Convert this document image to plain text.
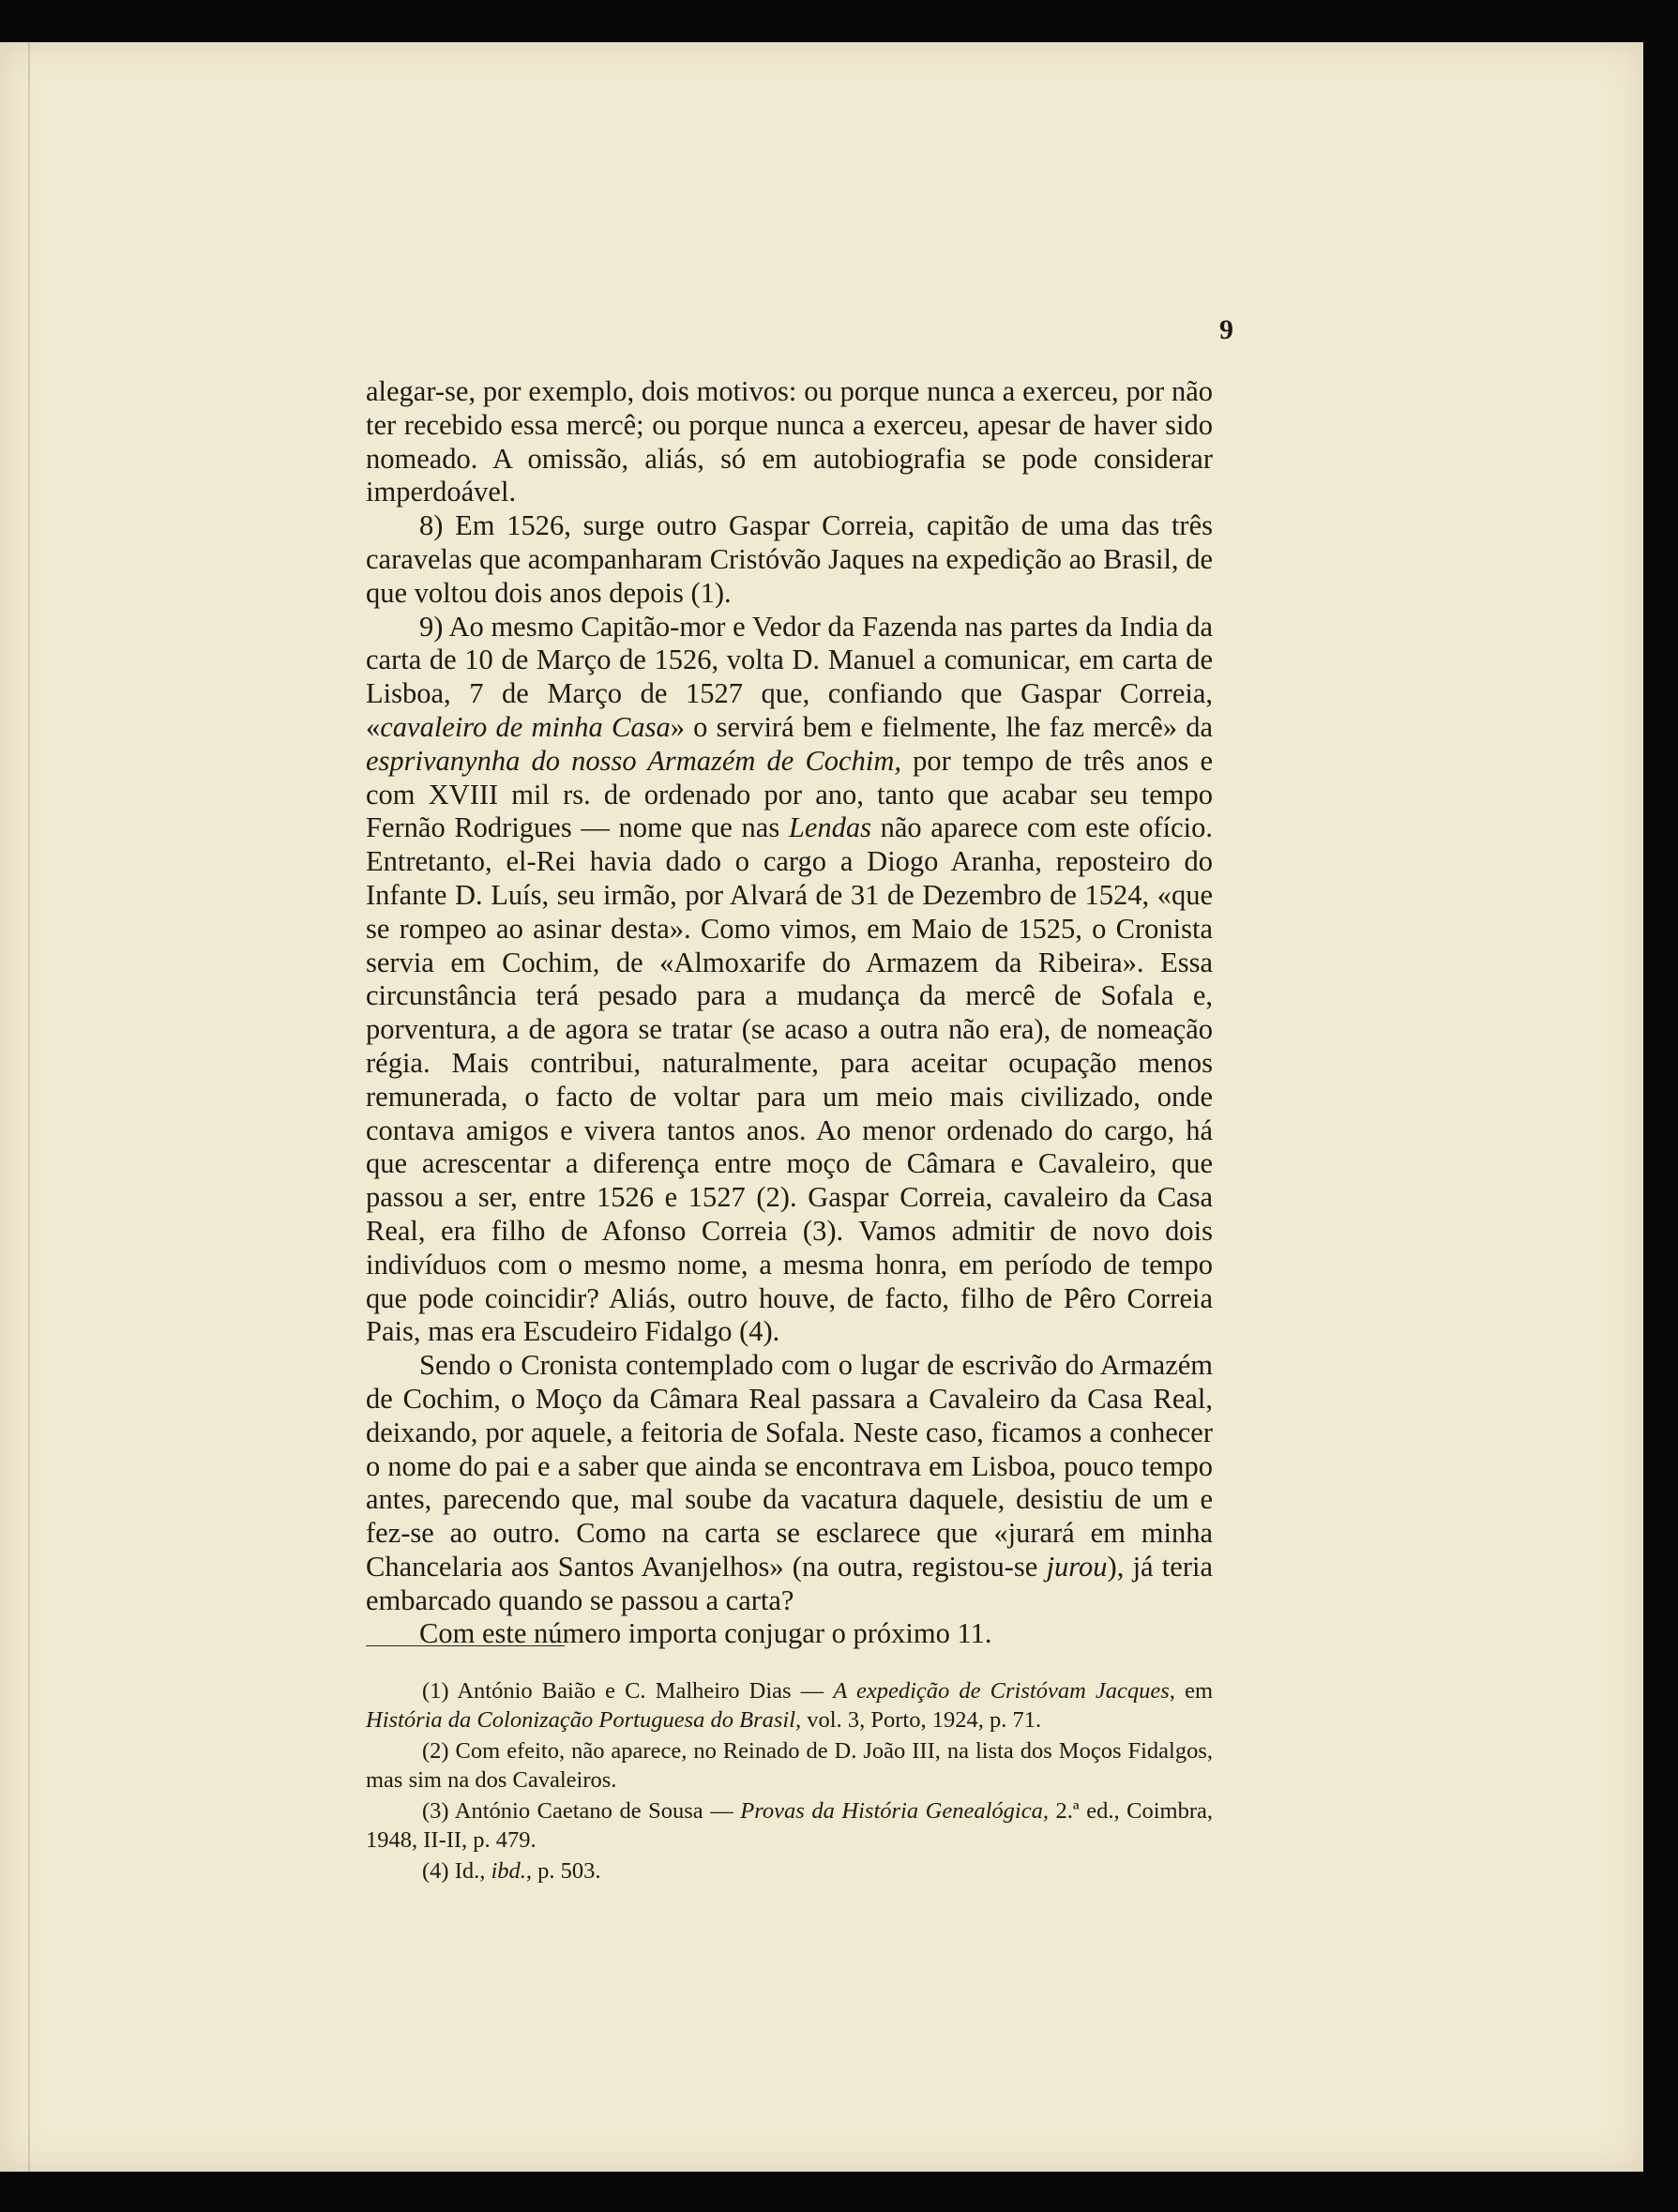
9

alegar-se, por exemplo, dois motivos: ou porque nunca a exerceu, por não ter recebido essa mercê; ou porque nunca a exerceu, apesar de haver sido nomeado. A omissão, aliás, só em autobiografia se pode considerar imperdoável.

8) Em 1526, surge outro Gaspar Correia, capitão de uma das três caravelas que acompanharam Cristóvão Jaques na expedição ao Brasil, de que voltou dois anos depois (1).

9) Ao mesmo Capitão-mor e Vedor da Fazenda nas partes da India da carta de 10 de Março de 1526, volta D. Manuel a comunicar, em carta de Lisboa, 7 de Março de 1527 que, confiando que Gaspar Correia, «cavaleiro de minha Casa» o servirá bem e fielmente, lhe faz mercê» da esprivanynha do nosso Armazém de Cochim, por tempo de três anos e com XVIII mil rs. de ordenado por ano, tanto que acabar seu tempo Fernão Rodrigues — nome que nas Lendas não aparece com este ofício. Entretanto, el-Rei havia dado o cargo a Diogo Aranha, reposteiro do Infante D. Luís, seu irmão, por Alvará de 31 de Dezembro de 1524, «que se rompeo ao asinar desta». Como vimos, em Maio de 1525, o Cronista servia em Cochim, de «Almoxarife do Armazem da Ribeira». Essa circunstância terá pesado para a mudança da mercê de Sofala e, porventura, a de agora se tratar (se acaso a outra não era), de nomeação régia. Mais contribui, naturalmente, para aceitar ocupação menos remunerada, o facto de voltar para um meio mais civilizado, onde contava amigos e vivera tantos anos. Ao menor ordenado do cargo, há que acrescentar a diferença entre moço de Câmara e Cavaleiro, que passou a ser, entre 1526 e 1527 (2). Gaspar Correia, cavaleiro da Casa Real, era filho de Afonso Correia (3). Vamos admitir de novo dois indivíduos com o mesmo nome, a mesma honra, em período de tempo que pode coincidir? Aliás, outro houve, de facto, filho de Pêro Correia Pais, mas era Escudeiro Fidalgo (4).

Sendo o Cronista contemplado com o lugar de escrivão do Armazém de Cochim, o Moço da Câmara Real passara a Cavaleiro da Casa Real, deixando, por aquele, a feitoria de Sofala. Neste caso, ficamos a conhecer o nome do pai e a saber que ainda se encontrava em Lisboa, pouco tempo antes, parecendo que, mal soube da vacatura daquele, desistiu de um e fez-se ao outro. Como na carta se esclarece que «jurará em minha Chancelaria aos Santos Avanjelhos» (na outra, registou-se jurou), já teria embarcado quando se passou a carta?

Com este número importa conjugar o próximo 11.

(1) António Baião e C. Malheiro Dias — A expedição de Cristóvam Jacques, em História da Colonização Portuguesa do Brasil, vol. 3, Porto, 1924, p. 71.

(2) Com efeito, não aparece, no Reinado de D. João III, na lista dos Moços Fidalgos, mas sim na dos Cavaleiros.

(3) António Caetano de Sousa — Provas da História Genealógica, 2.ª ed., Coimbra, 1948, II-II, p. 479.

(4) Id., ibd., p. 503.
